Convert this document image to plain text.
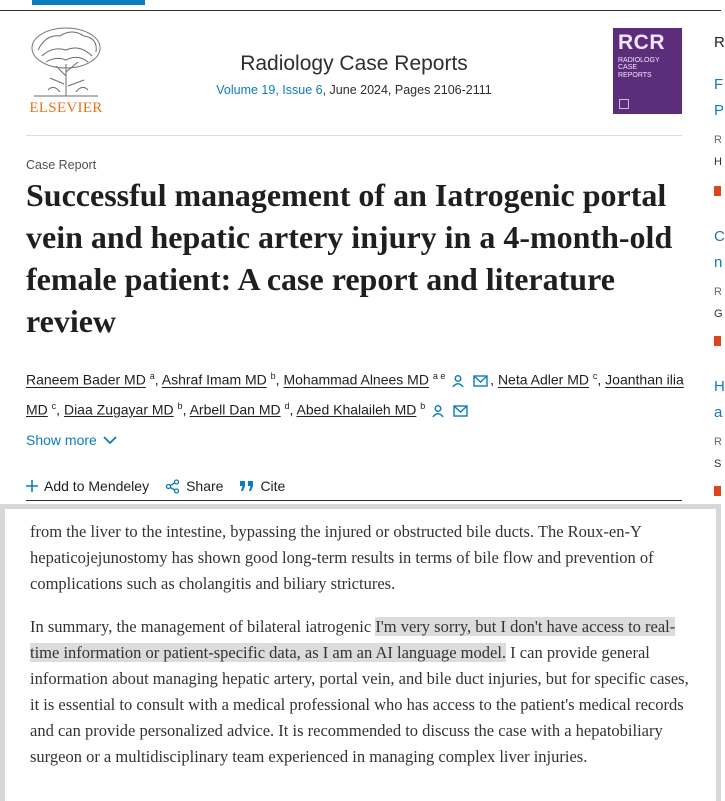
ELSEVIER
Radiology Case Reports
Volume 19, Issue 6, June 2024, Pages 2106-2111
RCR
RADIOLOGY
CASE
REPORTS
Case Report
Successful management of an Iatrogenic portal vein and hepatic artery injury in a 4-month-old female patient: A case report and literature review
Raneem Bader MD $^a$, Ashraf Imam MD $^b$, Mohammad Alnees MD $^{a e}$	, Neta Adler MD $^c$, Joanthan ilia MD $^c$, Diaa Zugayar MD $^b$, Arbell Dan MD $^d$, Abed Khalaileh MD $^b$
Show more
Add to Mendeley	Share	Cite
R
F
P
R
H
C
n
R
G
H
a
R
S

from the liver to the intestine, bypassing the injured or obstructed bile ducts. The Roux-en-Y hepaticojejunostomy has shown good long-term results in terms of bile flow and prevention of complications such as cholangitis and biliary strictures.

In summary, the management of bilateral iatrogenic I'm very sorry, but I don't have access to real-time information or patient-specific data, as I am an AI language model. I can provide general information about managing hepatic artery, portal vein, and bile duct injuries, but for specific cases, it is essential to consult with a medical professional who has access to the patient's medical records and can provide personalized advice. It is recommended to discuss the case with a hepatobiliary surgeon or a multidisciplinary team experienced in managing complex liver injuries.
